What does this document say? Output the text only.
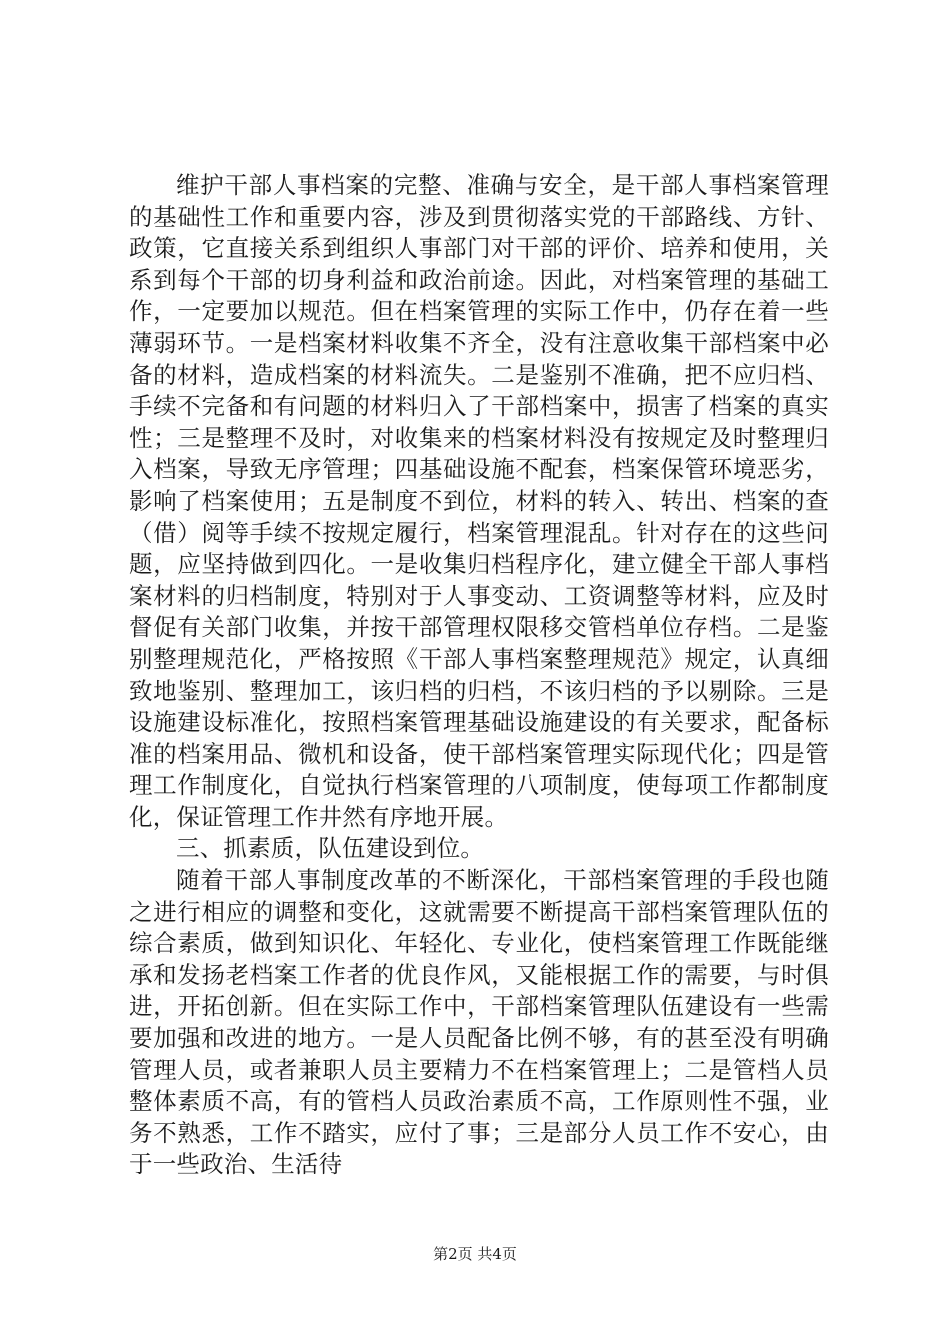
维护干部人事档案的完整、准确与安全，是干部人事档案管理的基础性工作和重要内容，涉及到贯彻落实党的干部路线、方针、政策，它直接关系到组织人事部门对干部的评价、培养和使用，关系到每个干部的切身利益和政治前途。因此，对档案管理的基础工作，一定要加以规范。但在档案管理的实际工作中，仍存在着一些薄弱环节。一是档案材料收集不齐全，没有注意收集干部档案中必备的材料，造成档案的材料流失。二是鉴别不准确，把不应归档、手续不完备和有问题的材料归入了干部档案中，损害了档案的真实性；三是整理不及时，对收集来的档案材料没有按规定及时整理归入档案，导致无序管理；四基础设施不配套，档案保管环境恶劣，影响了档案使用；五是制度不到位，材料的转入、转出、档案的查（借）阅等手续不按规定履行，档案管理混乱。针对存在的这些问题，应坚持做到四化。一是收集归档程序化，建立健全干部人事档案材料的归档制度，特别对于人事变动、工资调整等材料，应及时督促有关部门收集，并按干部管理权限移交管档单位存档。二是鉴别整理规范化，严格按照《干部人事档案整理规范》规定，认真细致地鉴别、整理加工，该归档的归档，不该归档的予以剔除。三是设施建设标准化，按照档案管理基础设施建设的有关要求，配备标准的档案用品、微机和设备，使干部档案管理实际现代化；四是管理工作制度化，自觉执行档案管理的八项制度，使每项工作都制度化，保证管理工作井然有序地开展。

三、抓素质，队伍建设到位。

随着干部人事制度改革的不断深化，干部档案管理的手段也随之进行相应的调整和变化，这就需要不断提高干部档案管理队伍的综合素质，做到知识化、年轻化、专业化，使档案管理工作既能继承和发扬老档案工作者的优良作风，又能根据工作的需要，与时俱进，开拓创新。但在实际工作中，干部档案管理队伍建设有一些需要加强和改进的地方。一是人员配备比例不够，有的甚至没有明确管理人员，或者兼职人员主要精力不在档案管理上；二是管档人员整体素质不高，有的管档人员政治素质不高，工作原则性不强，业务不熟悉，工作不踏实，应付了事；三是部分人员工作不安心，由于一些政治、生活待

第2页 共4页
